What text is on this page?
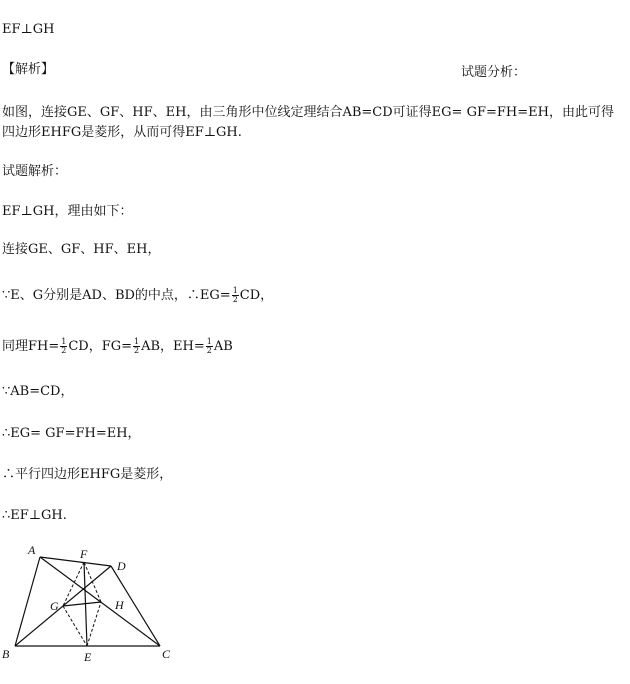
EF⊥GH
【解析】	试题分析：
如图，连接GE、GF、HF、EH，由三角形中位线定理结合AB=CD可证得EG= GF=FH=EH，由此可得四边形EHFG是菱形，从而可得EF⊥GH.
试题解析：
EF⊥GH，理由如下：
连接GE、GF、HF、EH，
∵E、G分别是AD、BD的中点，∴EG= $\frac{1}{2}$ CD，
同理$FH= \frac{1}{2}$ CD，$FG= \frac{1}{2}$ AB，$EH= \frac{1}{2}$ AB
∵AB=CD，
∴EG= GF=FH=EH，
∴平行四边形EHFG是菱形，
∴EF⊥GH.
A	F
D
G	H
B	E	C
